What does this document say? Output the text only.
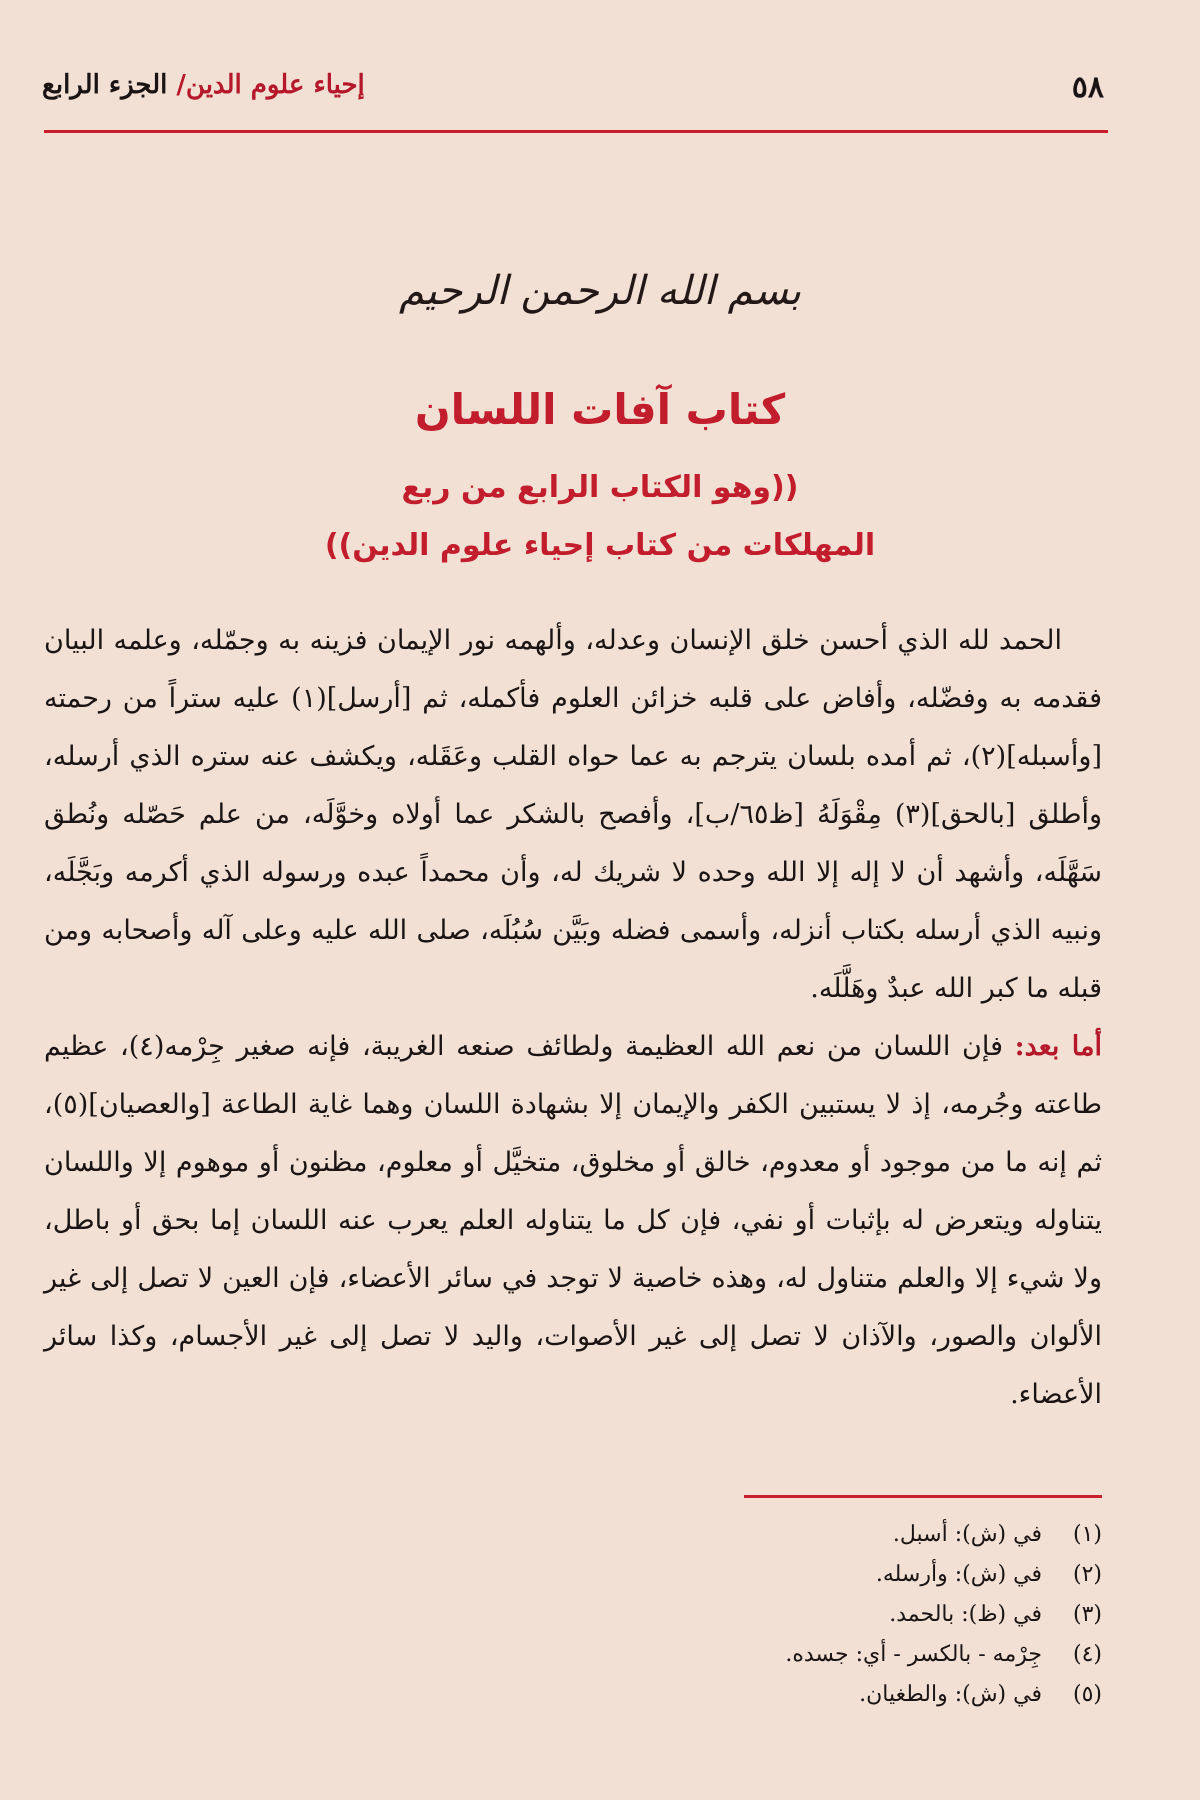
٥٨
إحياء علوم الدين/ الجزء الرابع
بسم الله الرحمن الرحيم
كتاب آفات اللسان
((وهو الكتاب الرابع من ربع
المهلكات من كتاب إحياء علوم الدين))

الحمد لله الذي أحسن خلق الإنسان وعدله، وألهمه نور الإيمان فزينه به وجمّله، وعلمه البيان فقدمه به وفضّله، وأفاض على قلبه خزائن العلوم فأكمله، ثم [أرسل](١) عليه ستراً من رحمته [وأسبله](٢)، ثم أمده بلسان يترجم به عما حواه القلب وعَقَله، ويكشف عنه ستره الذي أرسله، وأطلق [بالحق](٣) مِقْوَلَهُ [ظ٦٥/ب]، وأفصح بالشكر عما أولاه وخوَّلَه، من علم حَصّله ونُطق سَهَّلَه، وأشهد أن لا إله إلا الله وحده لا شريك له، وأن محمداً عبده ورسوله الذي أكرمه وبَجَّلَه، ونبيه الذي أرسله بكتاب أنزله، وأسمى فضله وبَيَّن سُبُلَه، صلى الله عليه وعلى آله وأصحابه ومن قبله ما كبر الله عبدٌ وهَلَّلَه.

أما بعد: فإن اللسان من نعم الله العظيمة ولطائف صنعه الغريبة، فإنه صغير جِرْمه(٤)، عظيم طاعته وجُرمه، إذ لا يستبين الكفر والإيمان إلا بشهادة اللسان وهما غاية الطاعة [والعصيان](٥)، ثم إنه ما من موجود أو معدوم، خالق أو مخلوق، متخيَّل أو معلوم، مظنون أو موهوم إلا واللسان يتناوله ويتعرض له بإثبات أو نفي، فإن كل ما يتناوله العلم يعرب عنه اللسان إما بحق أو باطل، ولا شيء إلا والعلم متناول له، وهذه خاصية لا توجد في سائر الأعضاء، فإن العين لا تصل إلى غير الألوان والصور، والآذان لا تصل إلى غير الأصوات، واليد لا تصل إلى غير الأجسام، وكذا سائر الأعضاء.

(١)
في (ش): أسبل.
(٢)
في (ش): وأرسله.
(٣)
في (ظ): بالحمد.
(٤)
جِرْمه - بالكسر - أي: جسده.
(٥)
في (ش): والطغيان.
